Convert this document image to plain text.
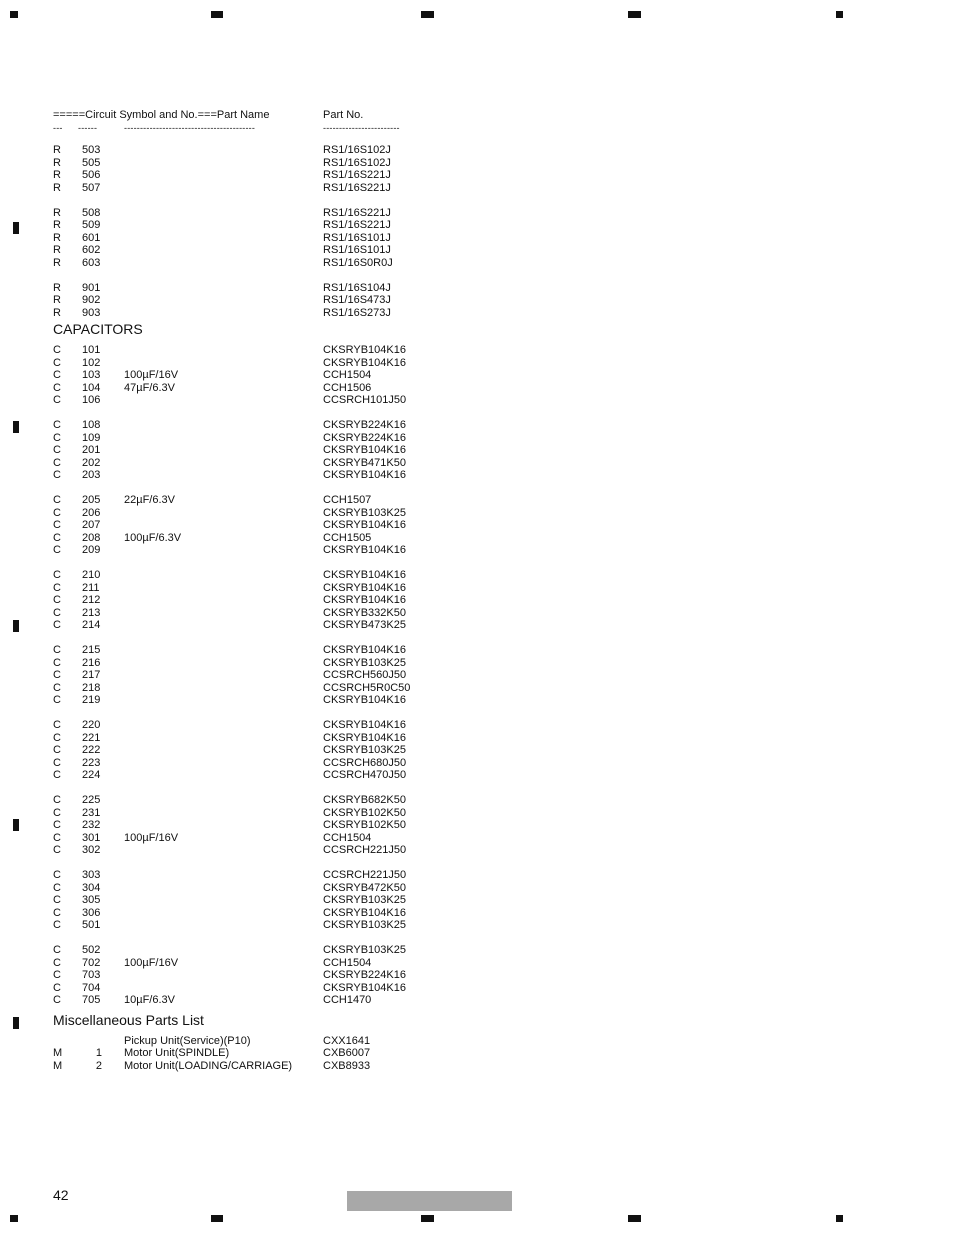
=====Circuit Symbol and No.===Part Name	Part No.
--- ------	-----------------------------------------	------------------------
R 503	RS1/16S102J
R 505	RS1/16S102J
R 506	RS1/16S221J
R 507	RS1/16S221J
R 508	RS1/16S221J
R 509	RS1/16S221J
R 601	RS1/16S101J
R 602	RS1/16S101J
R 603	RS1/16S0R0J
R 901	RS1/16S104J
R 902	RS1/16S473J
R 903	RS1/16S273J
CAPACITORS
C 101	CKSRYB104K16
C 102	CKSRYB104K16
C 103 100µF/16V	CCH1504
C 104 47µF/6.3V	CCH1506
C 106	CCSRCH101J50
C 108	CKSRYB224K16
C 109	CKSRYB224K16
C 201	CKSRYB104K16
C 202	CKSRYB471K50
C 203	CKSRYB104K16
C 205 22µF/6.3V	CCH1507
C 206	CKSRYB103K25
C 207	CKSRYB104K16
C 208 100µF/6.3V	CCH1505
C 209	CKSRYB104K16
C 210	CKSRYB104K16
C 211	CKSRYB104K16
C 212	CKSRYB104K16
C 213	CKSRYB332K50
C 214	CKSRYB473K25
C 215	CKSRYB104K16
C 216	CKSRYB103K25
C 217	CCSRCH560J50
C 218	CCSRCH5R0C50
C 219	CKSRYB104K16
C 220	CKSRYB104K16
C 221	CKSRYB104K16
C 222	CKSRYB103K25
C 223	CCSRCH680J50
C 224	CCSRCH470J50
C 225	CKSRYB682K50
C 231	CKSRYB102K50
C 232	CKSRYB102K50
C 301 100µF/16V	CCH1504
C 302	CCSRCH221J50
C 303	CCSRCH221J50
C 304	CKSRYB472K50
C 305	CKSRYB103K25
C 306	CKSRYB104K16
C 501	CKSRYB103K25
C 502	CKSRYB103K25
C 702 100µF/16V	CCH1504
C 703	CKSRYB224K16
C 704	CKSRYB104K16
C 705 10µF/6.3V	CCH1470
Miscellaneous Parts List
Pickup Unit(Service)(P10)	CXX1641
M	1 Motor Unit(SPINDLE)	CXB6007
M	2 Motor Unit(LOADING/CARRIAGE)	CXB8933
42
